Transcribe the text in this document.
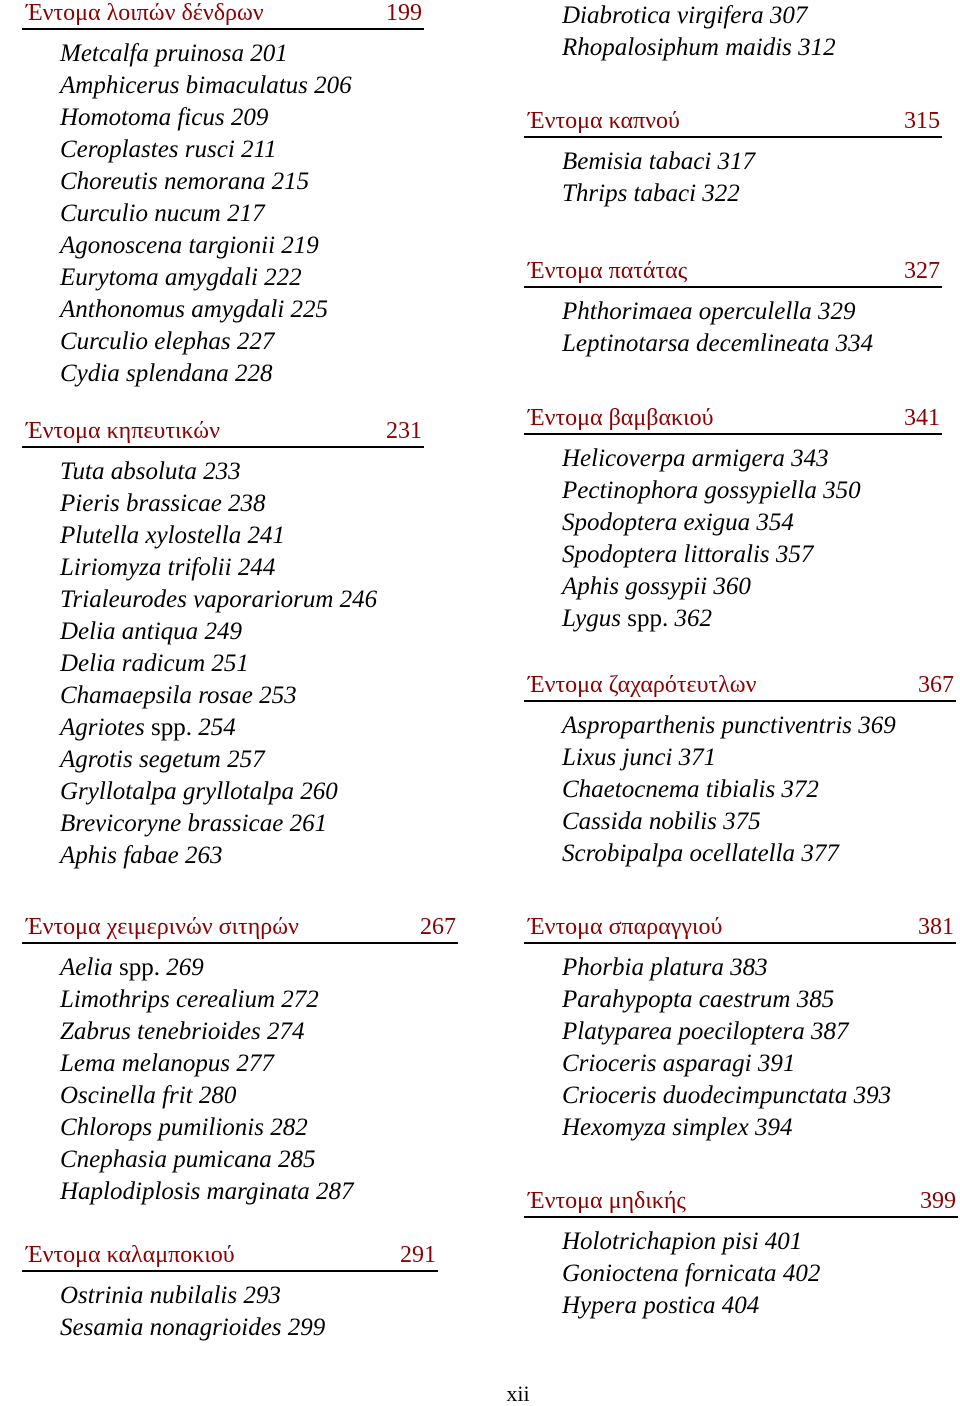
Έντομα λοιπών δένδρων	199
Metcalfa pruinosa 201
Amphicerus bimaculatus 206
Homotoma ficus 209
Ceroplastes rusci 211
Choreutis nemorana 215
Curculio nucum 217
Agonoscena targionii 219
Eurytoma amygdali 222
Anthonomus amygdali 225
Curculio elephas 227
Cydia splendana 228
Έντομα κηπευτικών	231
Tuta absoluta 233
Pieris brassicae 238
Plutella xylostella 241
Liriomyza trifolii 244
Trialeurodes vaporariorum 246
Delia antiqua 249
Delia radicum 251
Chamaepsila rosae 253
Agriotes spp. 254
Agrotis segetum 257
Gryllotalpa gryllotalpa 260
Brevicoryne brassicae 261
Aphis fabae 263
Έντομα χειμερινών σιτηρών	267
Aelia spp. 269
Limothrips cerealium 272
Zabrus tenebrioides 274
Lema melanopus 277
Oscinella frit 280
Chlorops pumilionis 282
Cnephasia pumicana 285
Haplodiplosis marginata 287
Έντομα καλαμποκιού	291
Ostrinia nubilalis 293
Sesamia nonagrioides 299
Diabrotica virgifera 307
Rhopalosiphum maidis 312
Έντομα καπνού	315
Bemisia tabaci 317
Thrips tabaci 322
Έντομα πατάτας	327
Phthorimaea operculella 329
Leptinotarsa decemlineata 334
Έντομα βαμβακιού	341
Helicoverpa armigera 343
Pectinophora gossypiella 350
Spodoptera exigua 354
Spodoptera littoralis 357
Aphis gossypii 360
Lygus spp. 362
Έντομα ζαχαρότευτλων	367
Asproparthenis punctiventris 369
Lixus junci 371
Chaetocnema tibialis 372
Cassida nobilis 375
Scrobipalpa ocellatella 377
Έντομα σπαραγγιού	381
Phorbia platura 383
Parahypopta caestrum 385
Platyparea poeciloptera 387
Crioceris asparagi 391
Crioceris duodecimpunctata 393
Hexomyza simplex 394
Έντομα μηδικής	399
Holotrichapion pisi 401
Gonioctena fornicata 402
Hypera postica 404
xii
